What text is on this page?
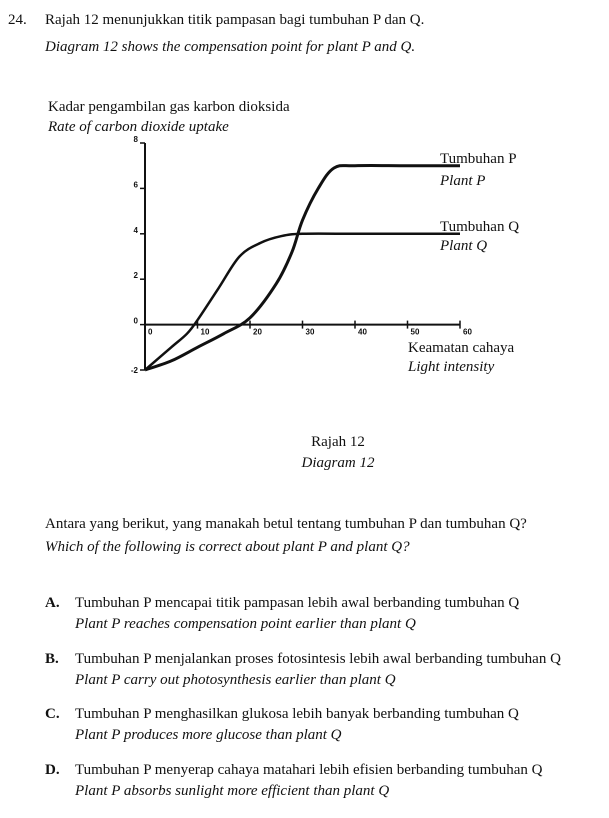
24. Rajah 12 menunjukkan titik pampasan bagi tumbuhan P dan Q.
Diagram 12 shows the compensation point for plant P and Q.
Kadar pengambilan gas karbon dioksida
Rate of carbon dioxide uptake
-2
0
2
4
6
8
0	10	20	30	40	50	60
Tumbuhan P
Plant P
Tumbuhan Q
Plant Q
Keamatan cahaya
Light intensity
Rajah 12
Diagram 12
Antara yang berikut, yang manakah betul tentang tumbuhan P dan tumbuhan Q?
Which of the following is correct about plant P and plant Q?
A. Tumbuhan P mencapai titik pampasan lebih awal berbanding tumbuhan Q
Plant P reaches compensation point earlier than plant Q
B. Tumbuhan P menjalankan proses fotosintesis lebih awal berbanding tumbuhan Q
Plant P carry out photosynthesis earlier than plant Q
C. Tumbuhan P menghasilkan glukosa lebih banyak berbanding tumbuhan Q
Plant P produces more glucose than plant Q
D. Tumbuhan P menyerap cahaya matahari lebih efisien berbanding tumbuhan Q
Plant P absorbs sunlight more efficient than plant Q
